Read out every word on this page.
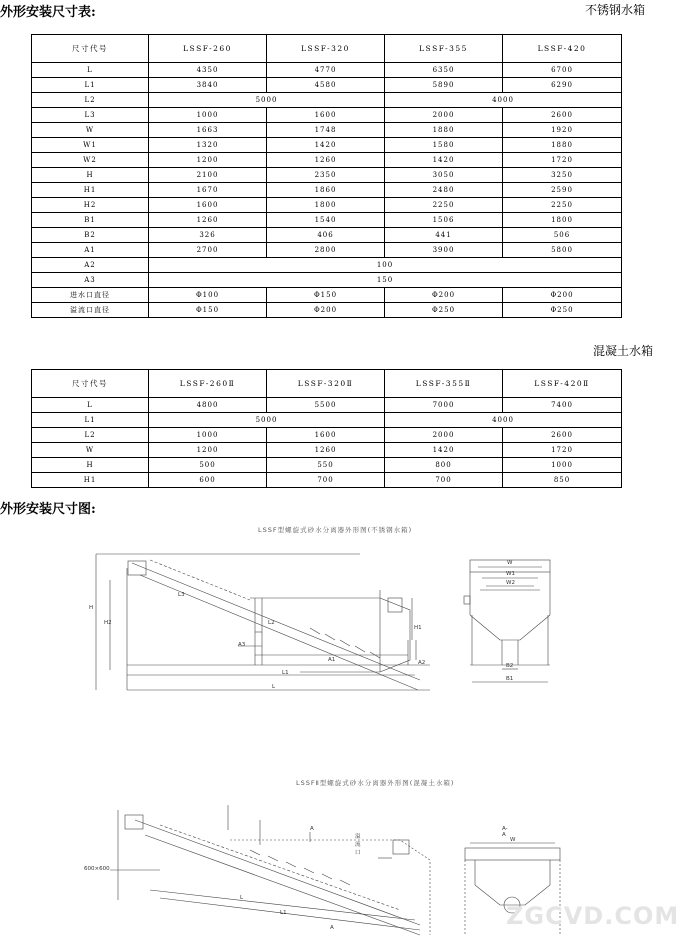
外形安装尺寸表:	不锈钢水箱
尺寸代号	LSSF-260	LSSF-320	LSSF-355	LSSF-420
L	4350	4770	6350	6700
L1	3840	4580	5890	6290
L2	5000		4000	
L3	1000	1600	2000	2600
W	1663	1748	1880	1920
W1	1320	1420	1580	1880
W2	1200	1260	1420	1720
H	2100	2350	3050	3250
H1	1670	1860	2480	2590
H2	1600	1800	2250	2250
B1	1260	1540	1506	1800
B2	326	406	441	506
A1	2700	2800	3900	5800
A2	100			
A3	150			
进水口直径	Φ100	Φ150	Φ200	Φ200
溢流口直径	Φ150	Φ200	Φ250	Φ250
混凝土水箱
尺寸代号	LSSF-260Ⅱ	LSSF-320Ⅱ	LSSF-355Ⅱ	LSSF-420Ⅱ
L	4800	5500	7000	7400
L1	5000		4000	
L2	1000	1600	2000	2600
W	1200	1260	1420	1720
H	500	550	800	1000
H1	600	700	700	850
外形安装尺寸图:
LSSF型螺旋式砂水分离器外形图(不锈钢水箱)
H
H2
L3
L2
H1
A3
A1	A2
L1
L
W
W1
W2
B2
B1
LSSFⅡ型螺旋式砂水分离器外形图(混凝土水箱)
A
溢流口
A-A
W
L
L1
A
600×600
ZGCVD.COM
